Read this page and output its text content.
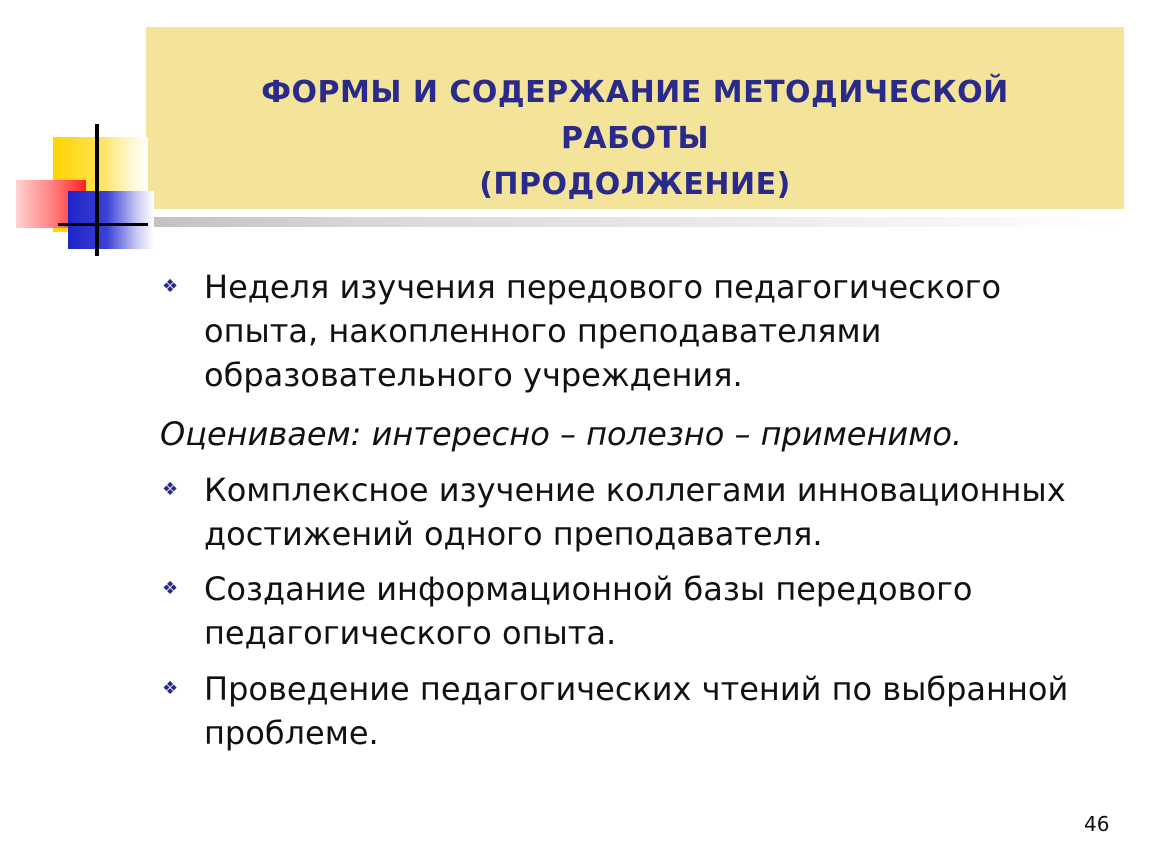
ФОРМЫ И СОДЕРЖАНИЕ МЕТОДИЧЕСКОЙ
РАБОТЫ
(ПРОДОЛЖЕНИЕ)
❖ Неделя изучения передового педагогического опыта, накопленного преподавателями образовательного учреждения.
Оцениваем: интересно – полезно – применимо.
❖ Комплексное изучение коллегами инновационных достижений одного преподавателя.
❖ Создание информационной базы передового педагогического опыта.
❖ Проведение педагогических чтений по выбранной проблеме.
46
